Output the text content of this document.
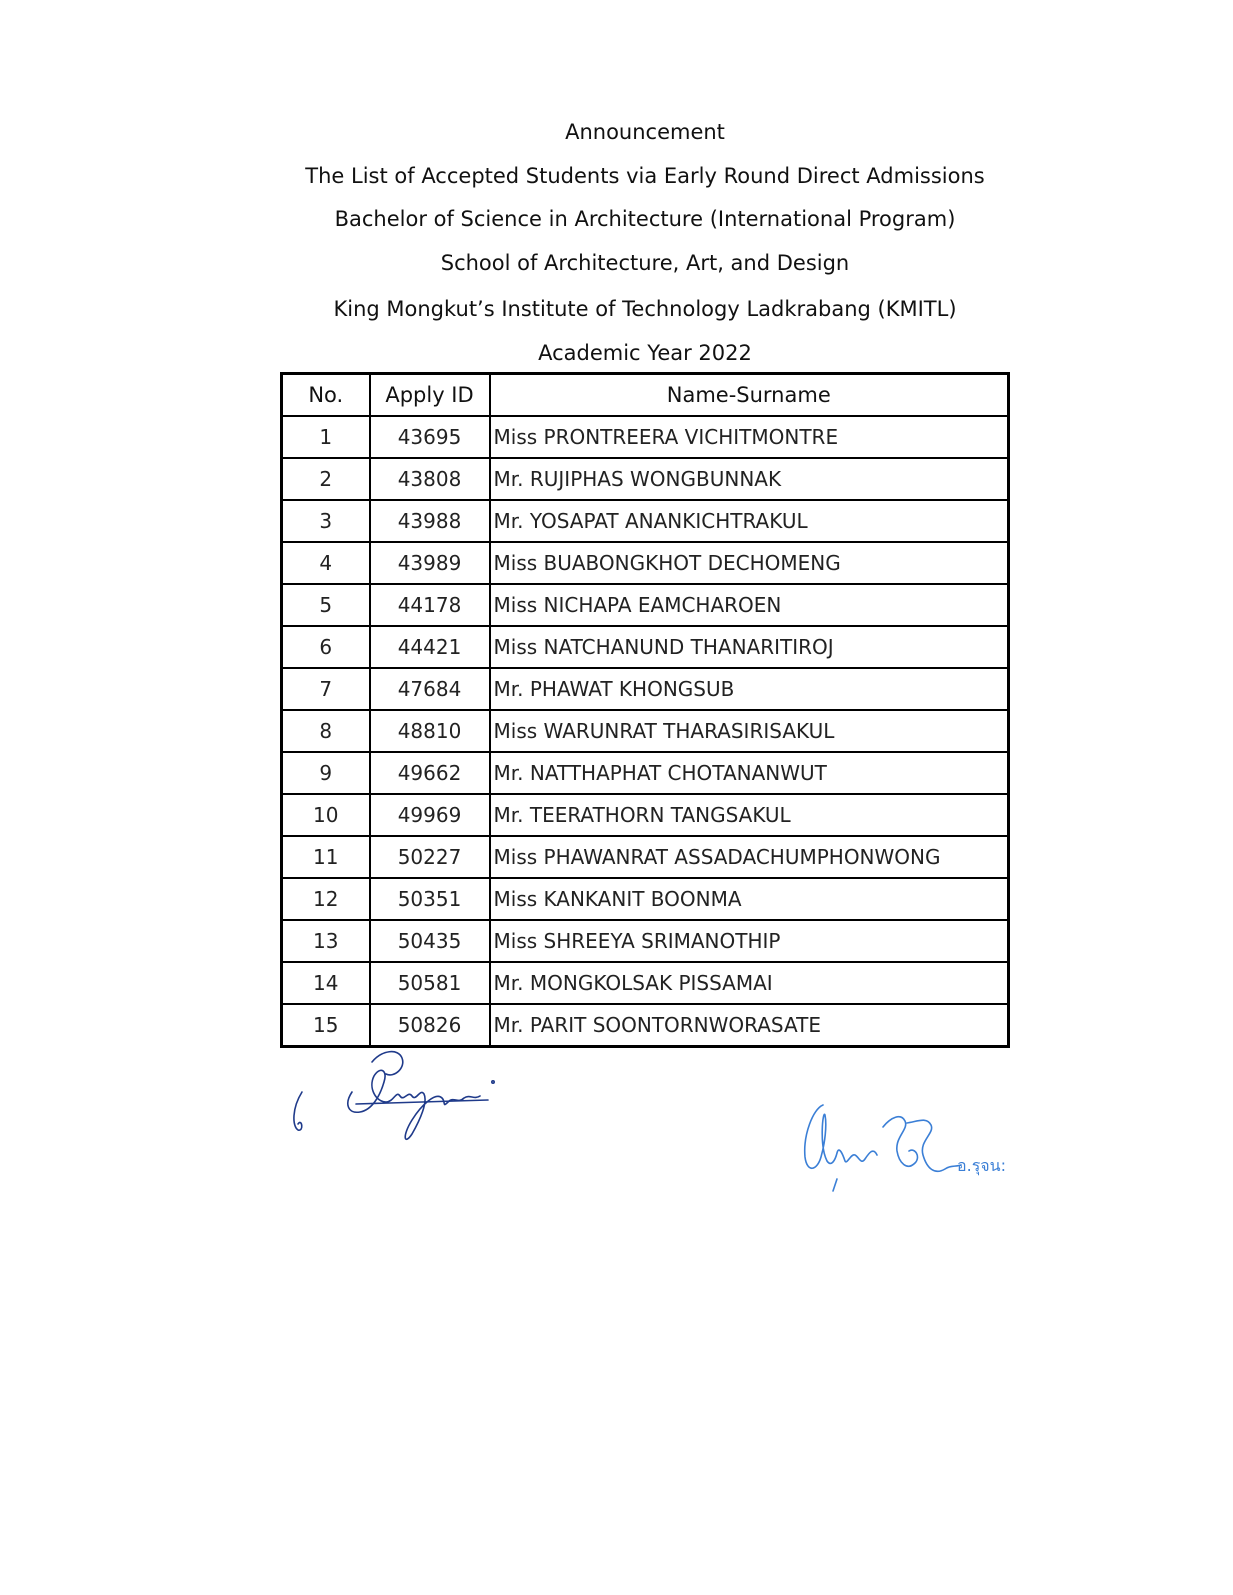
Announcement
The List of Accepted Students via Early Round Direct Admissions
Bachelor of Science in Architecture (International Program)
School of Architecture, Art, and Design
King Mongkut’s Institute of Technology Ladkrabang (KMITL)
Academic Year 2022
No.	Apply ID	Name-Surname
1	43695	Miss PRONTREERA VICHITMONTRE
2	43808	Mr. RUJIPHAS WONGBUNNAK
3	43988	Mr. YOSAPAT ANANKICHTRAKUL
4	43989	Miss BUABONGKHOT DECHOMENG
5	44178	Miss NICHAPA EAMCHAROEN
6	44421	Miss NATCHANUND THANARITIROJ
7	47684	Mr. PHAWAT KHONGSUB
8	48810	Miss WARUNRAT THARASIRISAKUL
9	49662	Mr. NATTHAPHAT CHOTANANWUT
10	49969	Mr. TEERATHORN TANGSAKUL
11	50227	Miss PHAWANRAT ASSADACHUMPHONWONG
12	50351	Miss KANKANIT BOONMA
13	50435	Miss SHREEYA SRIMANOTHIP
14	50581	Mr. MONGKOLSAK PISSAMAI
15	50826	Mr. PARIT SOONTORNWORASATE
อ.รุจน:
